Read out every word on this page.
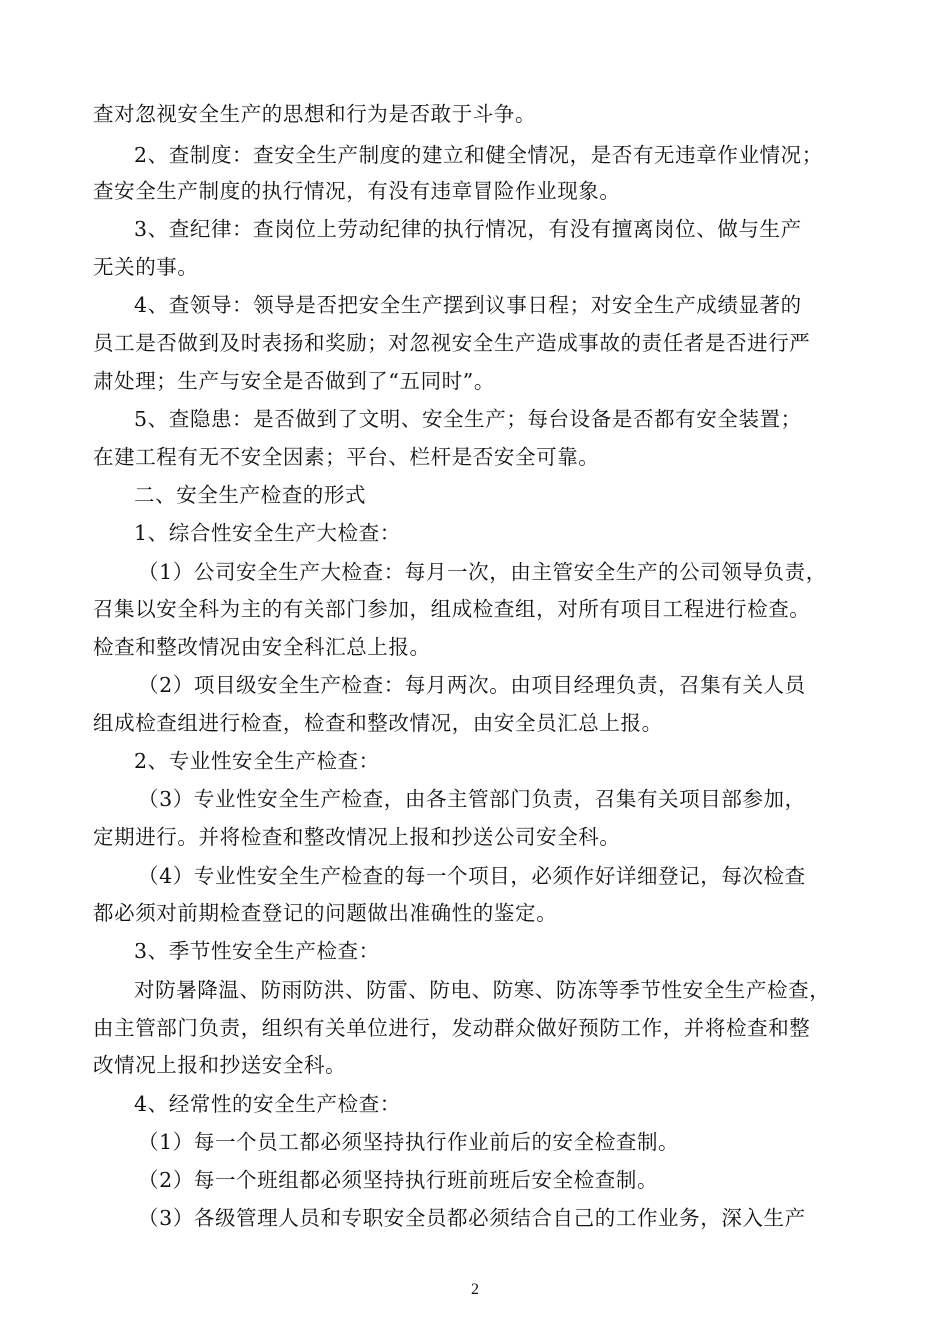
查对忽视安全生产的思想和行为是否敢于斗争。
2、查制度：查安全生产制度的建立和健全情况，是否有无违章作业情况；
查安全生产制度的执行情况，有没有违章冒险作业现象。
3、查纪律：查岗位上劳动纪律的执行情况，有没有擅离岗位、做与生产
无关的事。
4、查领导：领导是否把安全生产摆到议事日程；对安全生产成绩显著的
员工是否做到及时表扬和奖励；对忽视安全生产造成事故的责任者是否进行严
肃处理；生产与安全是否做到了“五同时”。
5、查隐患：是否做到了文明、安全生产；每台设备是否都有安全装置；
在建工程有无不安全因素；平台、栏杆是否安全可靠。
二、安全生产检查的形式
1、综合性安全生产大检查：
（1）公司安全生产大检查：每月一次，由主管安全生产的公司领导负责，
召集以安全科为主的有关部门参加，组成检查组，对所有项目工程进行检查。
检查和整改情况由安全科汇总上报。
（2）项目级安全生产检查：每月两次。由项目经理负责，召集有关人员
组成检查组进行检查，检查和整改情况，由安全员汇总上报。
2、专业性安全生产检查：
（3）专业性安全生产检查，由各主管部门负责，召集有关项目部参加，
定期进行。并将检查和整改情况上报和抄送公司安全科。
（4）专业性安全生产检查的每一个项目，必须作好详细登记，每次检查
都必须对前期检查登记的问题做出准确性的鉴定。
3、季节性安全生产检查：
对防暑降温、防雨防洪、防雷、防电、防寒、防冻等季节性安全生产检查，
由主管部门负责，组织有关单位进行，发动群众做好预防工作，并将检查和整
改情况上报和抄送安全科。
4、经常性的安全生产检查：
（1）每一个员工都必须坚持执行作业前后的安全检查制。
（2）每一个班组都必须坚持执行班前班后安全检查制。
（3）各级管理人员和专职安全员都必须结合自己的工作业务，深入生产
2
